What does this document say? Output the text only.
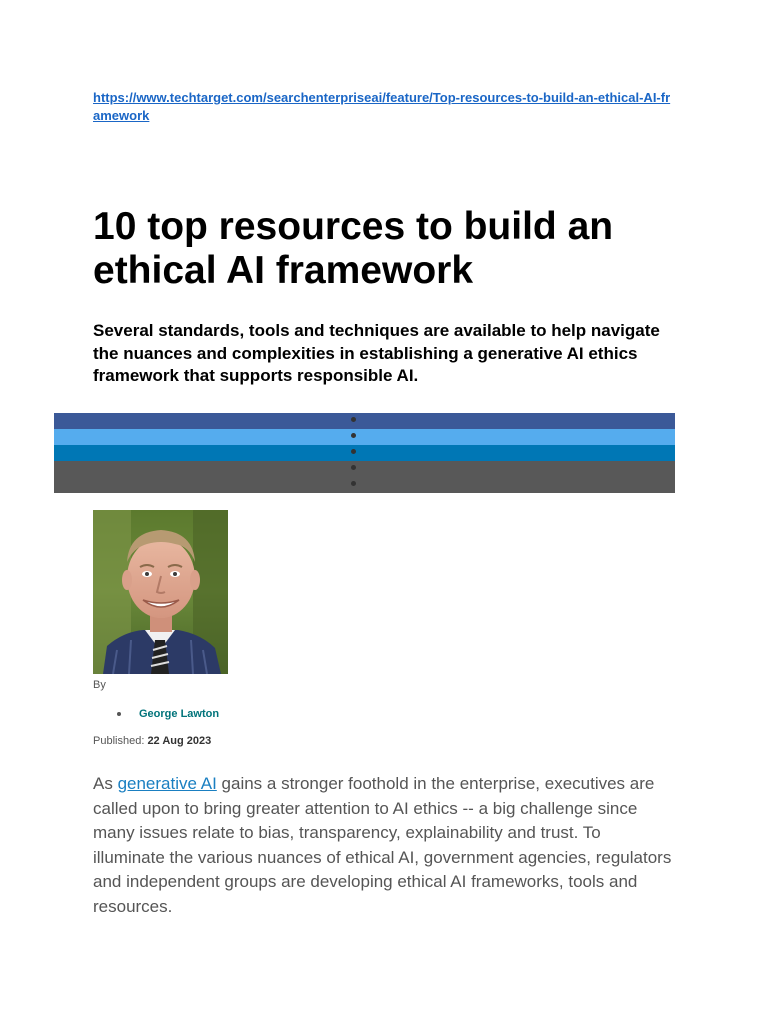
https://www.techtarget.com/searchenterpriseai/feature/Top-resources-to-build-an-ethical-AI-framework
10 top resources to build an ethical AI framework

Several standards, tools and techniques are available to help navigate the nuances and complexities in establishing a generative AI ethics framework that supports responsible AI.

By
George Lawton
Published: 22 Aug 2023

As generative AI gains a stronger foothold in the enterprise, executives are called upon to bring greater attention to AI ethics -- a big challenge since many issues relate to bias, transparency, explainability and trust. To illuminate the various nuances of ethical AI, government agencies, regulators and independent groups are developing ethical AI frameworks, tools and resources.
